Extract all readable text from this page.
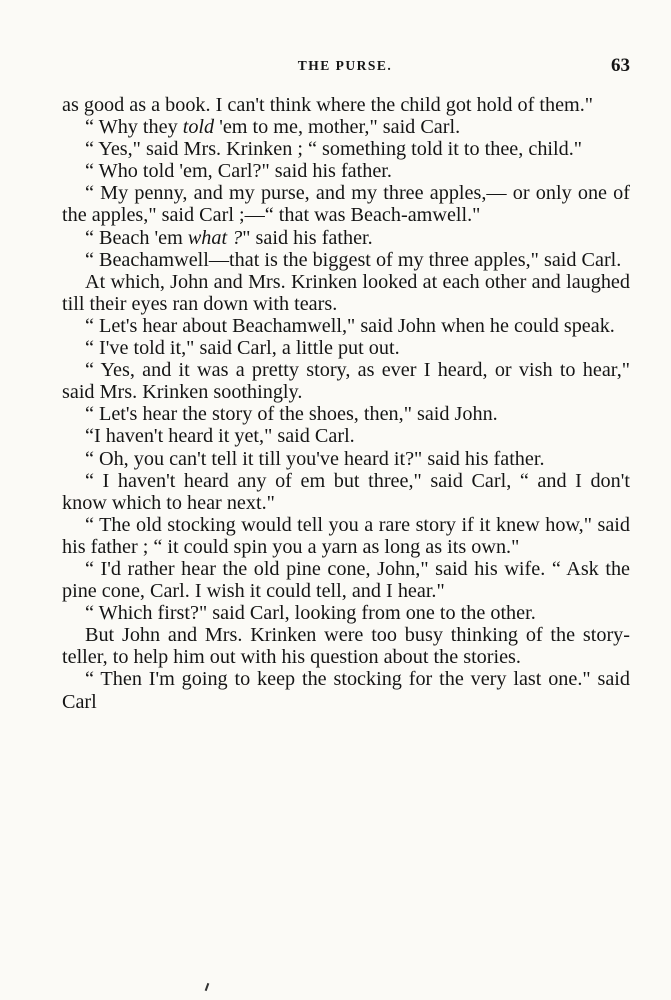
THE PURSE.	63

as good as a book. I can't think where the child got hold of them."

“ Why they told 'em to me, mother," said Carl.

“ Yes," said Mrs. Krinken ; “ something told it to thee, child."

“ Who told 'em, Carl?" said his father.

“ My penny, and my purse, and my three apples,— or only one of the apples," said Carl ;—“ that was Beach-amwell."

“ Beach 'em what ?" said his father.

“ Beachamwell—that is the biggest of my three apples," said Carl.

At which, John and Mrs. Krinken looked at each other and laughed till their eyes ran down with tears.

“ Let's hear about Beachamwell," said John when he could speak.

“ I've told it," said Carl, a little put out.

“ Yes, and it was a pretty story, as ever I heard, or vish to hear," said Mrs. Krinken soothingly.

“ Let's hear the story of the shoes, then," said John.

“I haven't heard it yet," said Carl.

“ Oh, you can't tell it till you've heard it?" said his father.

“ I haven't heard any of em but three," said Carl, “ and I don't know which to hear next."

“ The old stocking would tell you a rare story if it knew how," said his father ; “ it could spin you a yarn as long as its own."

“ I'd rather hear the old pine cone, John," said his wife. “ Ask the pine cone, Carl. I wish it could tell, and I hear."

“ Which first?" said Carl, looking from one to the other.

But John and Mrs. Krinken were too busy thinking of the story-teller, to help him out with his question about the stories.

“ Then I'm going to keep the stocking for the very last one." said Carl
